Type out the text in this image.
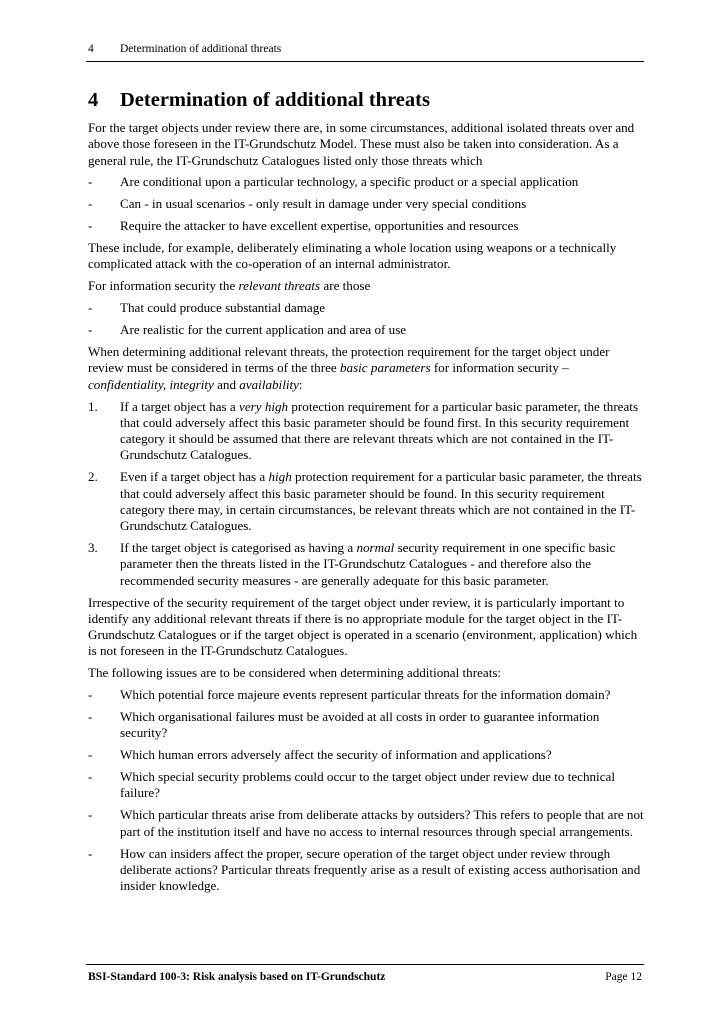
4 Determination of additional threats
4 Determination of additional threats

For the target objects under review there are, in some circumstances, additional isolated threats over and above those foreseen in the IT-Grundschutz Model. These must also be taken into consideration. As a general rule, the IT-Grundschutz Catalogues listed only those threats which

- Are conditional upon a particular technology, a specific product or a special application
- Can - in usual scenarios - only result in damage under very special conditions
- Require the attacker to have excellent expertise, opportunities and resources

These include, for example, deliberately eliminating a whole location using weapons or a technically complicated attack with the co-operation of an internal administrator.

For information security the relevant threats are those

- That could produce substantial damage
- Are realistic for the current application and area of use

When determining additional relevant threats, the protection requirement for the target object under review must be considered in terms of the three basic parameters for information security – confidentiality, integrity and availability:

1. If a target object has a very high protection requirement for a particular basic parameter, the threats that could adversely affect this basic parameter should be found first. In this security requirement category it should be assumed that there are relevant threats which are not contained in the IT-Grundschutz Catalogues.
2. Even if a target object has a high protection requirement for a particular basic parameter, the threats that could adversely affect this basic parameter should be found. In this security requirement category there may, in certain circumstances, be relevant threats which are not contained in the IT-Grundschutz Catalogues.
3. If the target object is categorised as having a normal security requirement in one specific basic parameter then the threats listed in the IT-Grundschutz Catalogues - and therefore also the recommended security measures - are generally adequate for this basic parameter.

Irrespective of the security requirement of the target object under review, it is particularly important to identify any additional relevant threats if there is no appropriate module for the target object in the IT-Grundschutz Catalogues or if the target object is operated in a scenario (environment, application) which is not foreseen in the IT-Grundschutz Catalogues.

The following issues are to be considered when determining additional threats:

- Which potential force majeure events represent particular threats for the information domain?
- Which organisational failures must be avoided at all costs in order to guarantee information security?
- Which human errors adversely affect the security of information and applications?
- Which special security problems could occur to the target object under review due to technical failure?
- Which particular threats arise from deliberate attacks by outsiders? This refers to people that are not part of the institution itself and have no access to internal resources through special arrangements.
- How can insiders affect the proper, secure operation of the target object under review through deliberate actions? Particular threats frequently arise as a result of existing access authorisation and insider knowledge.
BSI-Standard 100-3: Risk analysis based on IT-Grundschutz	Page 12
